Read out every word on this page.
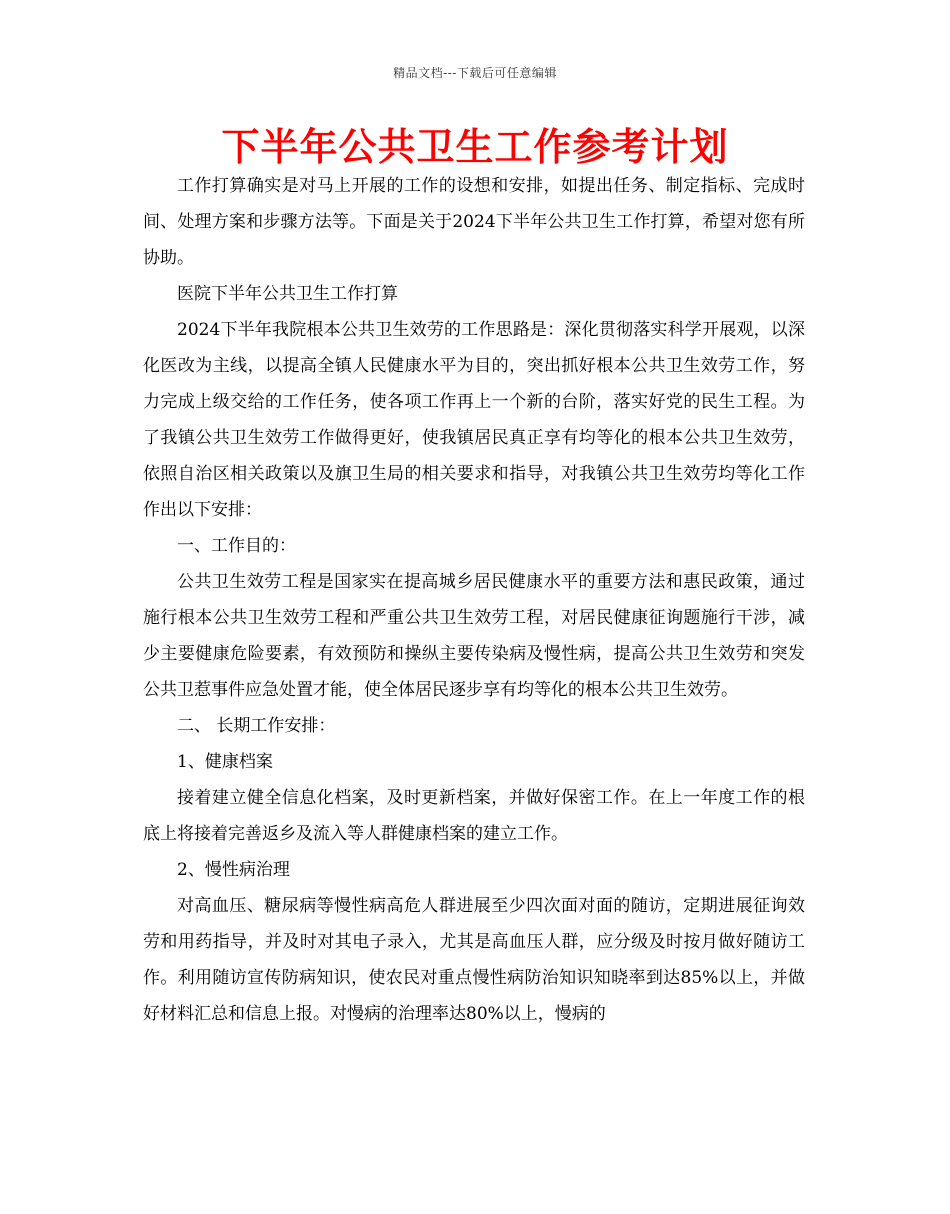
精品文档---下载后可任意编辑
下半年公共卫生工作参考计划

工作打算确实是对马上开展的工作的设想和安排，如提出任务、制定指标、完成时间、处理方案和步骤方法等。下面是关于2024下半年公共卫生工作打算，希望对您有所协助。

医院下半年公共卫生工作打算

2024下半年我院根本公共卫生效劳的工作思路是：深化贯彻落实科学开展观，以深化医改为主线，以提高全镇人民健康水平为目的，突出抓好根本公共卫生效劳工作，努力完成上级交给的工作任务，使各项工作再上一个新的台阶，落实好党的民生工程。为了我镇公共卫生效劳工作做得更好，使我镇居民真正享有均等化的根本公共卫生效劳，依照自治区相关政策以及旗卫生局的相关要求和指导，对我镇公共卫生效劳均等化工作作出以下安排：

一、工作目的：

公共卫生效劳工程是国家实在提高城乡居民健康水平的重要方法和惠民政策，通过施行根本公共卫生效劳工程和严重公共卫生效劳工程，对居民健康征询题施行干涉，减少主要健康危险要素，有效预防和操纵主要传染病及慢性病，提高公共卫生效劳和突发公共卫惹事件应急处置才能，使全体居民逐步享有均等化的根本公共卫生效劳。

二、 长期工作安排：

1、健康档案

接着建立健全信息化档案，及时更新档案，并做好保密工作。在上一年度工作的根底上将接着完善返乡及流入等人群健康档案的建立工作。

2、慢性病治理

对高血压、糖尿病等慢性病高危人群进展至少四次面对面的随访，定期进展征询效劳和用药指导，并及时对其电子录入，尤其是高血压人群，应分级及时按月做好随访工作。利用随访宣传防病知识，使农民对重点慢性病防治知识知晓率到达85%以上，并做好材料汇总和信息上报。对慢病的治理率达80%以上，慢病的
